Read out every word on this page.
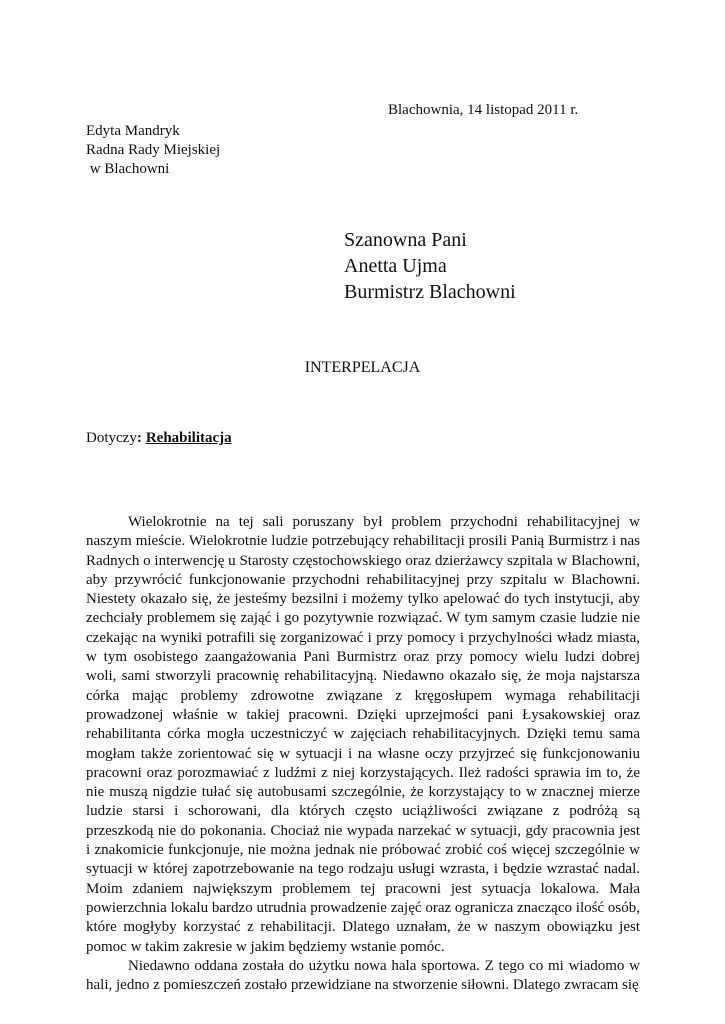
Blachownia, 14 listopad 2011 r.
Edyta Mandryk
Radna Rady Miejskiej
w Blachowni
Szanowna Pani
Anetta Ujma
Burmistrz Blachowni
INTERPELACJA
Dotyczy: Rehabilitacja

Wielokrotnie na tej sali poruszany był problem przychodni rehabilitacyjnej w naszym mieście. Wielokrotnie ludzie potrzebujący rehabilitacji prosili Panią Burmistrz i nas Radnych o interwencję u Starosty częstochowskiego oraz dzierżawcy szpitala w Blachowni, aby przywrócić funkcjonowanie przychodni rehabilitacyjnej przy szpitalu w Blachowni. Niestety okazało się, że jesteśmy bezsilni i możemy tylko apelować do tych instytucji, aby zechciały problemem się zająć i go pozytywnie rozwiązać. W tym samym czasie ludzie nie czekając na wyniki potrafili się zorganizować i przy pomocy i przychylności władz miasta, w tym osobistego zaangażowania Pani Burmistrz oraz przy pomocy wielu ludzi dobrej woli, sami stworzyli pracownię rehabilitacyjną. Niedawno okazało się, że moja najstarsza córka mając problemy zdrowotne związane z kręgosłupem wymaga rehabilitacji prowadzonej właśnie w takiej pracowni. Dzięki uprzejmości pani Łysakowskiej oraz rehabilitanta córka mogła uczestniczyć w zajęciach rehabilitacyjnych. Dzięki temu sama mogłam także zorientować się w sytuacji i na własne oczy przyjrzeć się funkcjonowaniu pracowni oraz porozmawiać z ludźmi z niej korzystających. Ileż radości sprawia im to, że nie muszą nigdzie tułać się autobusami szczególnie, że korzystający to w znacznej mierze ludzie starsi i schorowani, dla których często uciążliwości związane z podróżą są przeszkodą nie do pokonania. Chociaż nie wypada narzekać w sytuacji, gdy pracownia jest i znakomicie funkcjonuje, nie można jednak nie próbować zrobić coś więcej szczególnie w sytuacji w której zapotrzebowanie na tego rodzaju usługi wzrasta, i będzie wzrastać nadal. Moim zdaniem największym problemem tej pracowni jest sytuacja lokalowa. Mała powierzchnia lokalu bardzo utrudnia prowadzenie zajęć oraz ogranicza znacząco ilość osób, które mogłyby korzystać z rehabilitacji. Dlatego uznałam, że w naszym obowiązku jest pomoc w takim zakresie w jakim będziemy wstanie pomóc.

Niedawno oddana została do użytku nowa hala sportowa. Z tego co mi wiadomo w hali, jedno z pomieszczeń zostało przewidziane na stworzenie siłowni. Dlatego zwracam się
